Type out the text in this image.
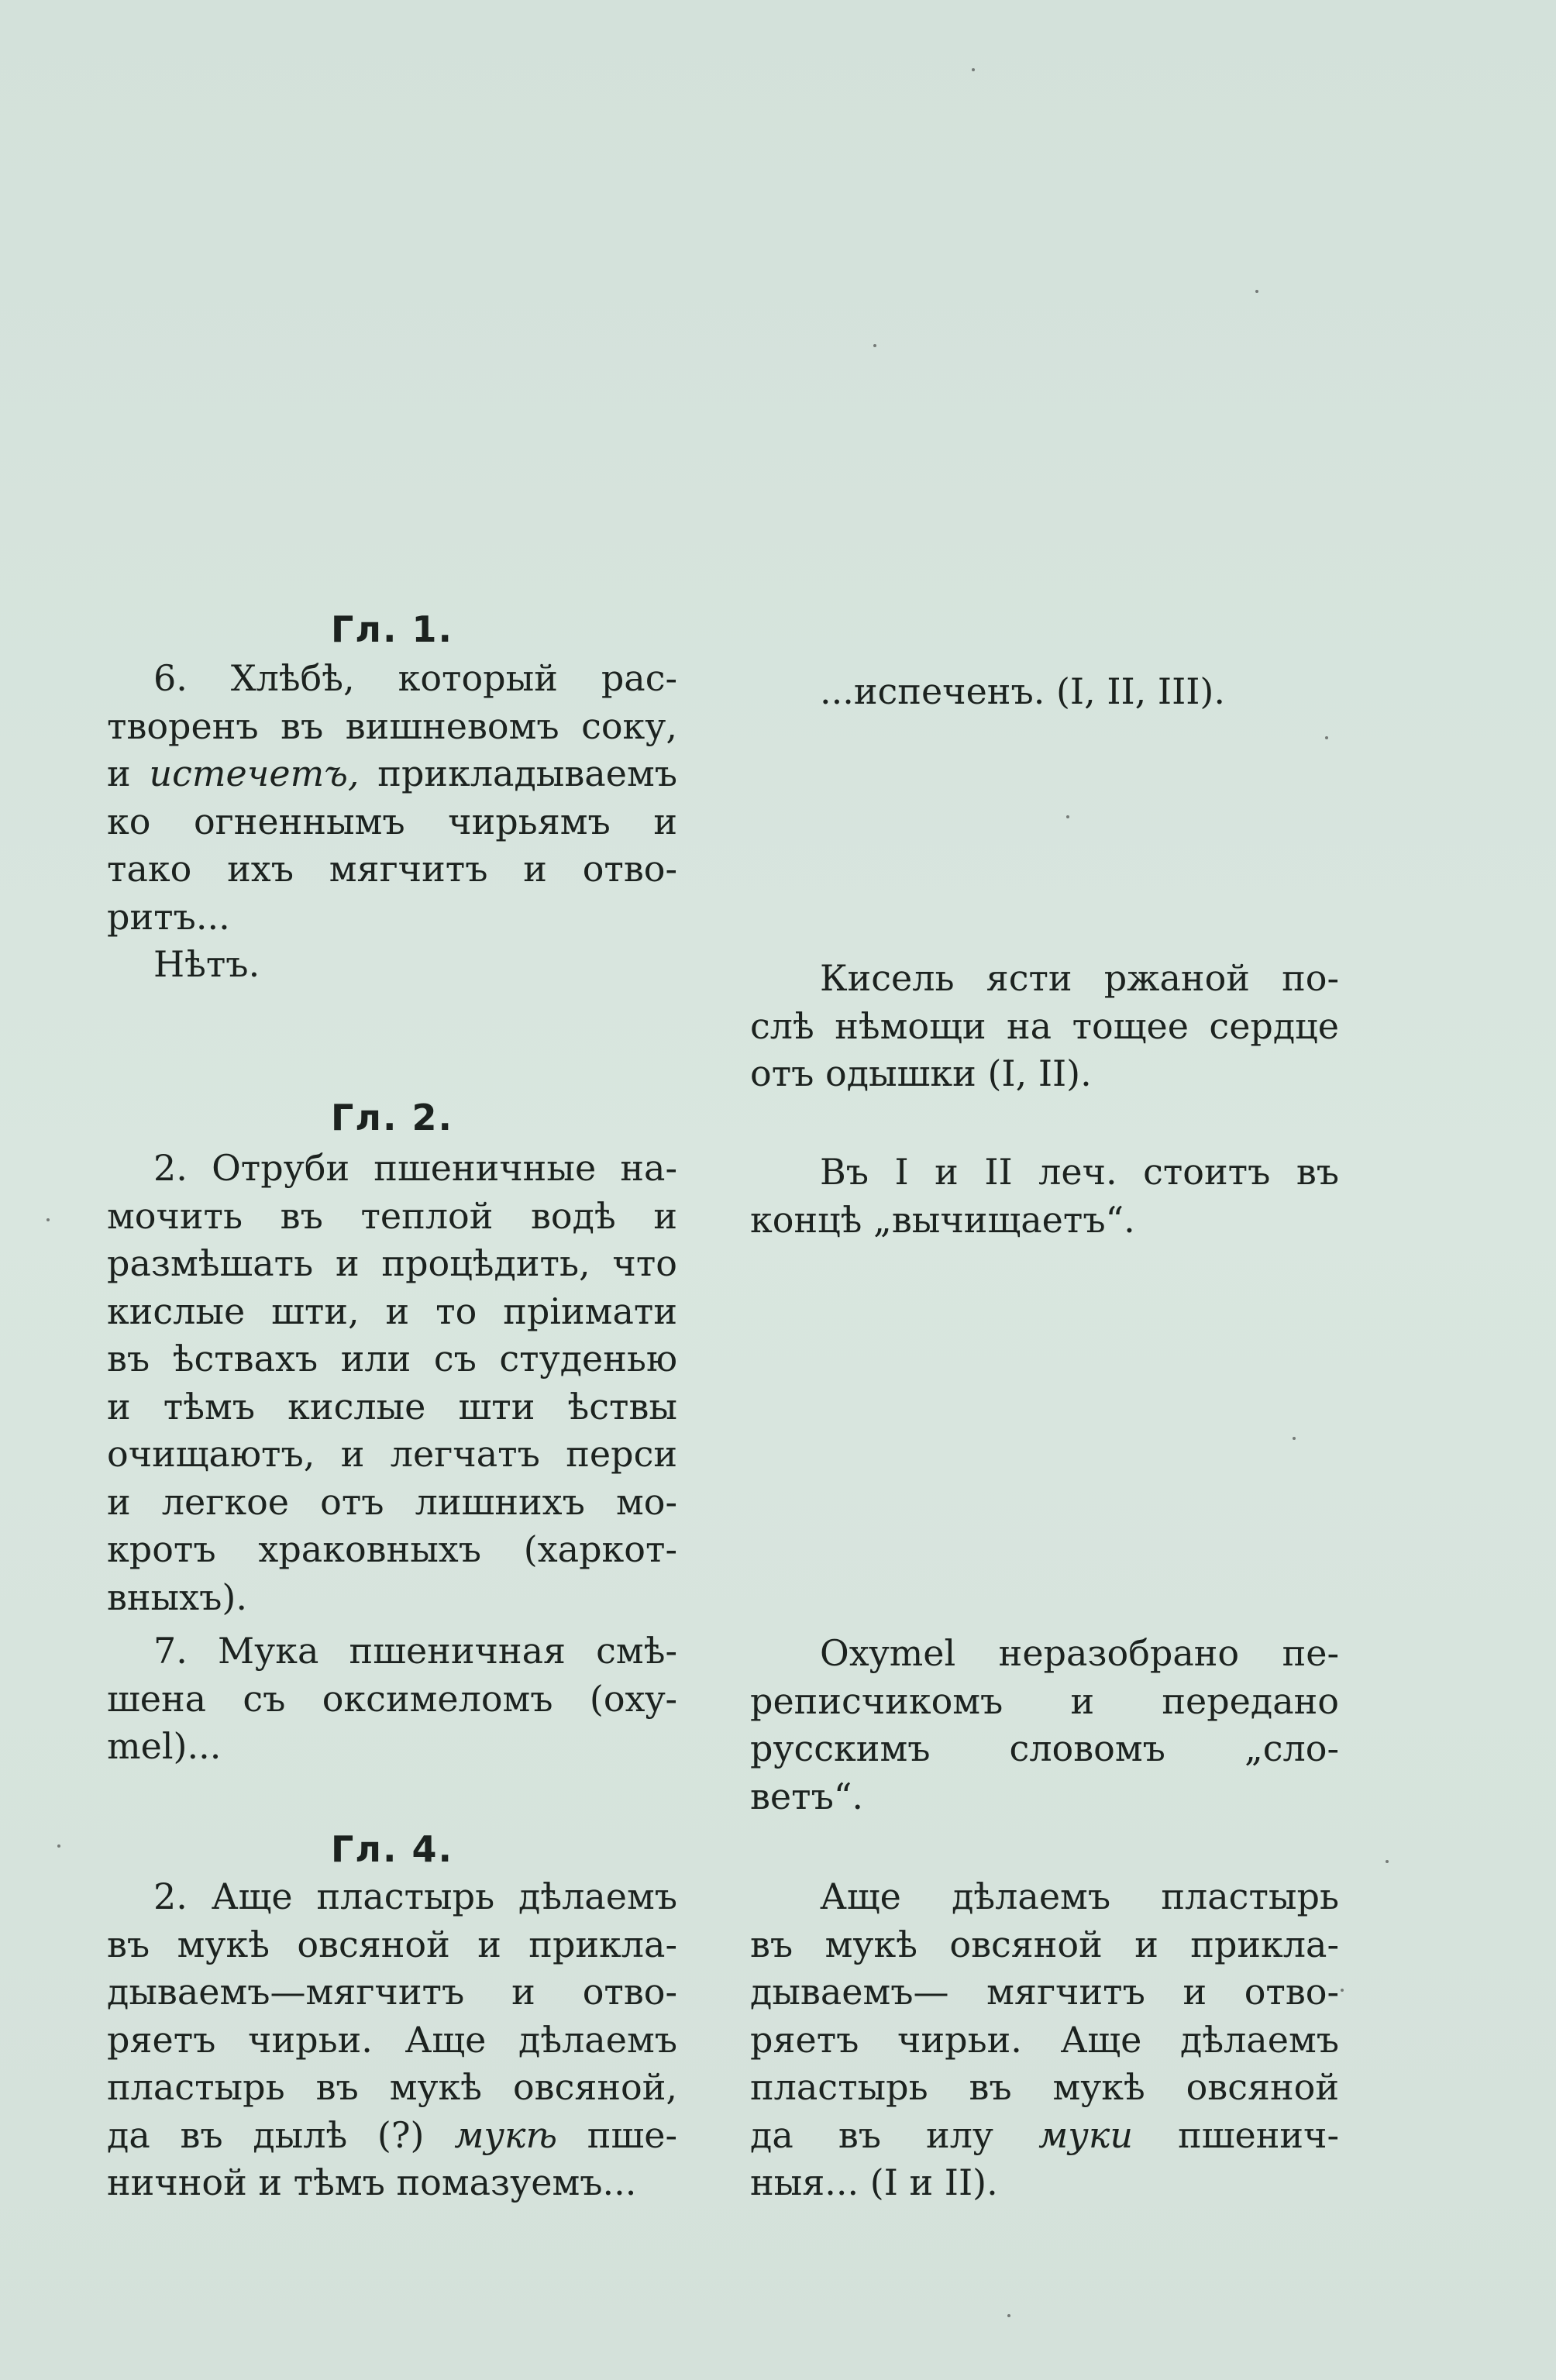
Гл. 1.
6. Хлѣбѣ, который рас-
творенъ въ вишневомъ соку,
и истечетъ, прикладываемъ
ко огненнымъ чирьямъ и
тако ихъ мягчитъ и отво-
ритъ...
Нѣтъ.
Гл. 2.
2. Отруби пшеничные на-
мочить въ теплой водѣ и
размѣшать и процѣдить, что
кислые шти, и то пріимати
въ ѣствахъ или съ студенью
и тѣмъ кислые шти ѣствы
очищаютъ, и легчатъ перси
и легкое отъ лишнихъ мо-
кротъ храковныхъ (харкот-
вныхъ).
7. Мука пшеничная смѣ-
шена съ оксимеломъ (oxy-
mel)...
Гл. 4.
2. Аще пластырь дѣлаемъ
въ мукѣ овсяной и прикла-
дываемъ—мягчитъ и отво-
ряетъ чирьи. Аще дѣлаемъ
пластырь въ мукѣ овсяной,
да въ дылѣ (?) мукѣ пше-
ничной и тѣмъ помазуемъ...
...испеченъ. (I, II, III).
Кисель ясти ржаной по-
слѣ нѣмощи на тощее сердце
отъ одышки (I, II).
Въ I и II леч. стоитъ въ
концѣ „вычищаетъ“.
Oxymel неразобрано пе-
реписчикомъ и передано
русскимъ словомъ „сло-
ветъ“.
Аще дѣлаемъ пластырь
въ мукѣ овсяной и прикла-
дываемъ— мягчитъ и отво-
ряетъ чирьи. Аще дѣлаемъ
пластырь въ мукѣ овсяной
да въ илу муки пшенич-
ныя... (I и II).
